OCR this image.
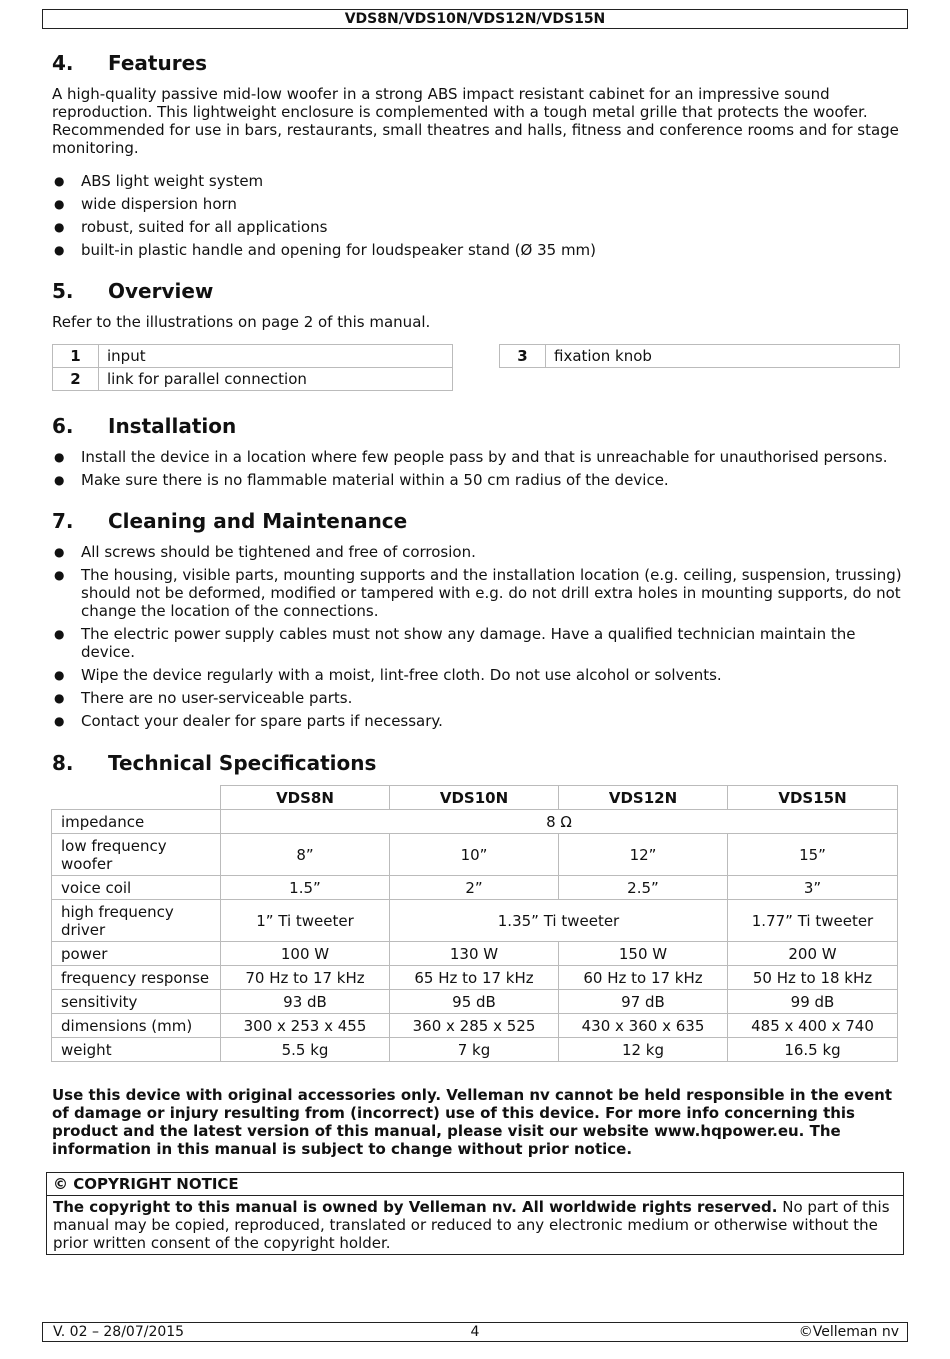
VDS8N/VDS10N/VDS12N/VDS15N
4. Features
A high-quality passive mid-low woofer in a strong ABS impact resistant cabinet for an impressive sound reproduction. This lightweight enclosure is complemented with a tough metal grille that protects the woofer. Recommended for use in bars, restaurants, small theatres and halls, fitness and conference rooms and for stage monitoring.
● ABS light weight system
● wide dispersion horn
● robust, suited for all applications
● built-in plastic handle and opening for loudspeaker stand (Ø 35 mm)
5. Overview
Refer to the illustrations on page 2 of this manual.
1	input
2	link for parallel connection
3	fixation knob
6. Installation
● Install the device in a location where few people pass by and that is unreachable for unauthorised persons.
● Make sure there is no flammable material within a 50 cm radius of the device.
7. Cleaning and Maintenance
● All screws should be tightened and free of corrosion.
● The housing, visible parts, mounting supports and the installation location (e.g. ceiling, suspension, trussing) should not be deformed, modified or tampered with e.g. do not drill extra holes in mounting supports, do not change the location of the connections.
● The electric power supply cables must not show any damage. Have a qualified technician maintain the device.
● Wipe the device regularly with a moist, lint-free cloth. Do not use alcohol or solvents.
● There are no user-serviceable parts.
● Contact your dealer for spare parts if necessary.
8. Technical Specifications
	VDS8N	VDS10N	VDS12N	VDS15N
impedance	8 Ω			
low frequency woofer	8”	10”	12”	15”
voice coil	1.5”	2”	2.5”	3”
high frequency driver	1” Ti tweeter	1.35” Ti tweeter		1.77” Ti tweeter
power	100 W	130 W	150 W	200 W
frequency response	70 Hz to 17 kHz	65 Hz to 17 kHz	60 Hz to 17 kHz	50 Hz to 18 kHz
sensitivity	93 dB	95 dB	97 dB	99 dB
dimensions (mm)	300 x 253 x 455	360 x 285 x 525	430 x 360 x 635	485 x 400 x 740
weight	5.5 kg	7 kg	12 kg	16.5 kg
Use this device with original accessories only. Velleman nv cannot be held responsible in the event of damage or injury resulting from (incorrect) use of this device. For more info concerning this product and the latest version of this manual, please visit our website www.hqpower.eu. The information in this manual is subject to change without prior notice.
© COPYRIGHT NOTICE
The copyright to this manual is owned by Velleman nv. All worldwide rights reserved. No part of this manual may be copied, reproduced, translated or reduced to any electronic medium or otherwise without the prior written consent of the copyright holder.
V. 02 – 28/07/2015	4	©Velleman nv
